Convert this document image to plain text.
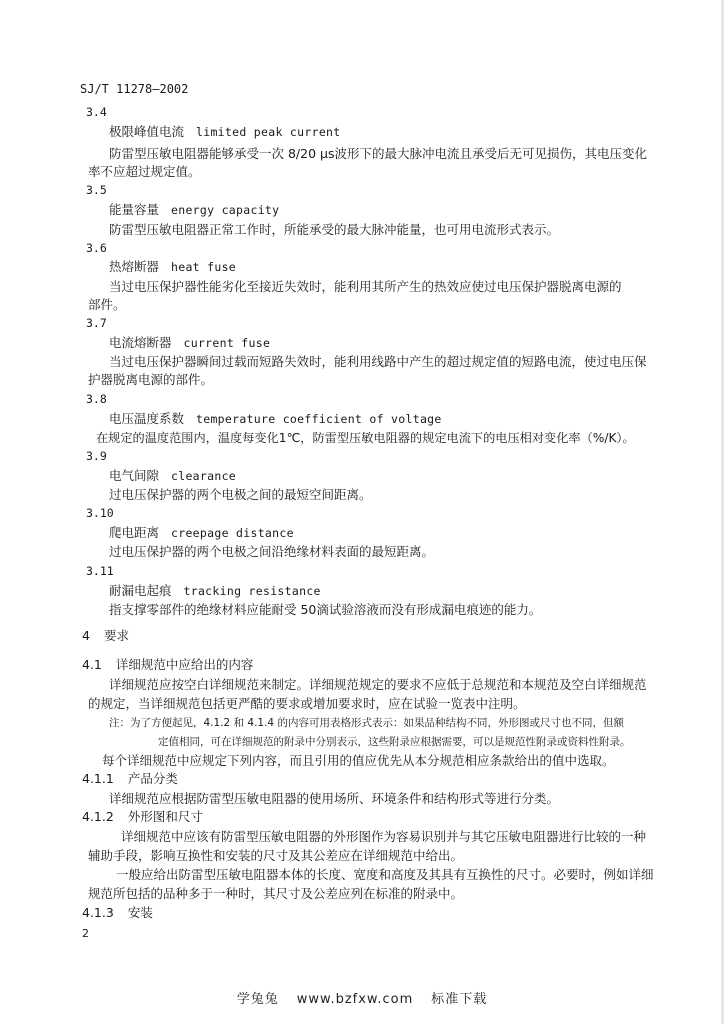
SJ/T 11278—2002
3.4
极限峰值电流 limited peak current
防雷型压敏电阻器能够承受一次 8/20 μs波形下的最大脉冲电流且承受后无可见损伤，其电压变化
率不应超过规定值。
3.5
能量容量 energy capacity
防雷型压敏电阻器正常工作时，所能承受的最大脉冲能量，也可用电流形式表示。
3.6
热熔断器 heat fuse
当过电压保护器性能劣化至接近失效时，能利用其所产生的热效应使过电压保护器脱离电源的
部件。
3.7
电流熔断器 current fuse
当过电压保护器瞬间过载而短路失效时，能利用线路中产生的超过规定值的短路电流，使过电压保
护器脱离电源的部件。
3.8
电压温度系数 temperature coefficient of voltage
在规定的温度范围内，温度每变化1℃，防雷型压敏电阻器的规定电流下的电压相对变化率（%/K）。
3.9
电气间隙 clearance
过电压保护器的两个电极之间的最短空间距离。
3.10
爬电距离 creepage distance
过电压保护器的两个电极之间沿绝缘材料表面的最短距离。
3.11
耐漏电起痕 tracking resistance
指支撑零部件的绝缘材料应能耐受 50滴试验溶液而没有形成漏电痕迹的能力。
4 要求
4.1 详细规范中应给出的内容
详细规范应按空白详细规范来制定。详细规范规定的要求不应低于总规范和本规范及空白详细规范
的规定，当详细规范包括更严酷的要求或增加要求时，应在试验一览表中注明。
注：为了方便起见，4.1.2 和 4.1.4 的内容可用表格形式表示：如果品种结构不同，外形图或尺寸也不同，但额
定值相同，可在详细规范的附录中分别表示，这些附录应根据需要，可以是规范性附录或资料性附录。
每个详细规范中应规定下列内容，而且引用的值应优先从本分规范相应条款给出的值中选取。
4.1.1 产品分类
详细规范应根据防雷型压敏电阻器的使用场所、环境条件和结构形式等进行分类。
4.1.2 外形图和尺寸
详细规范中应该有防雷型压敏电阻器的外形图作为容易识别并与其它压敏电阻器进行比较的一种
辅助手段，影响互换性和安装的尺寸及其公差应在详细规范中给出。
一般应给出防雷型压敏电阻器本体的长度、宽度和高度及其具有互换性的尺寸。必要时，例如详细
规范所包括的品种多于一种时，其尺寸及公差应列在标准的附录中。
4.1.3 安装
2
学兔兔 www.bzfxw.com 标准下载
